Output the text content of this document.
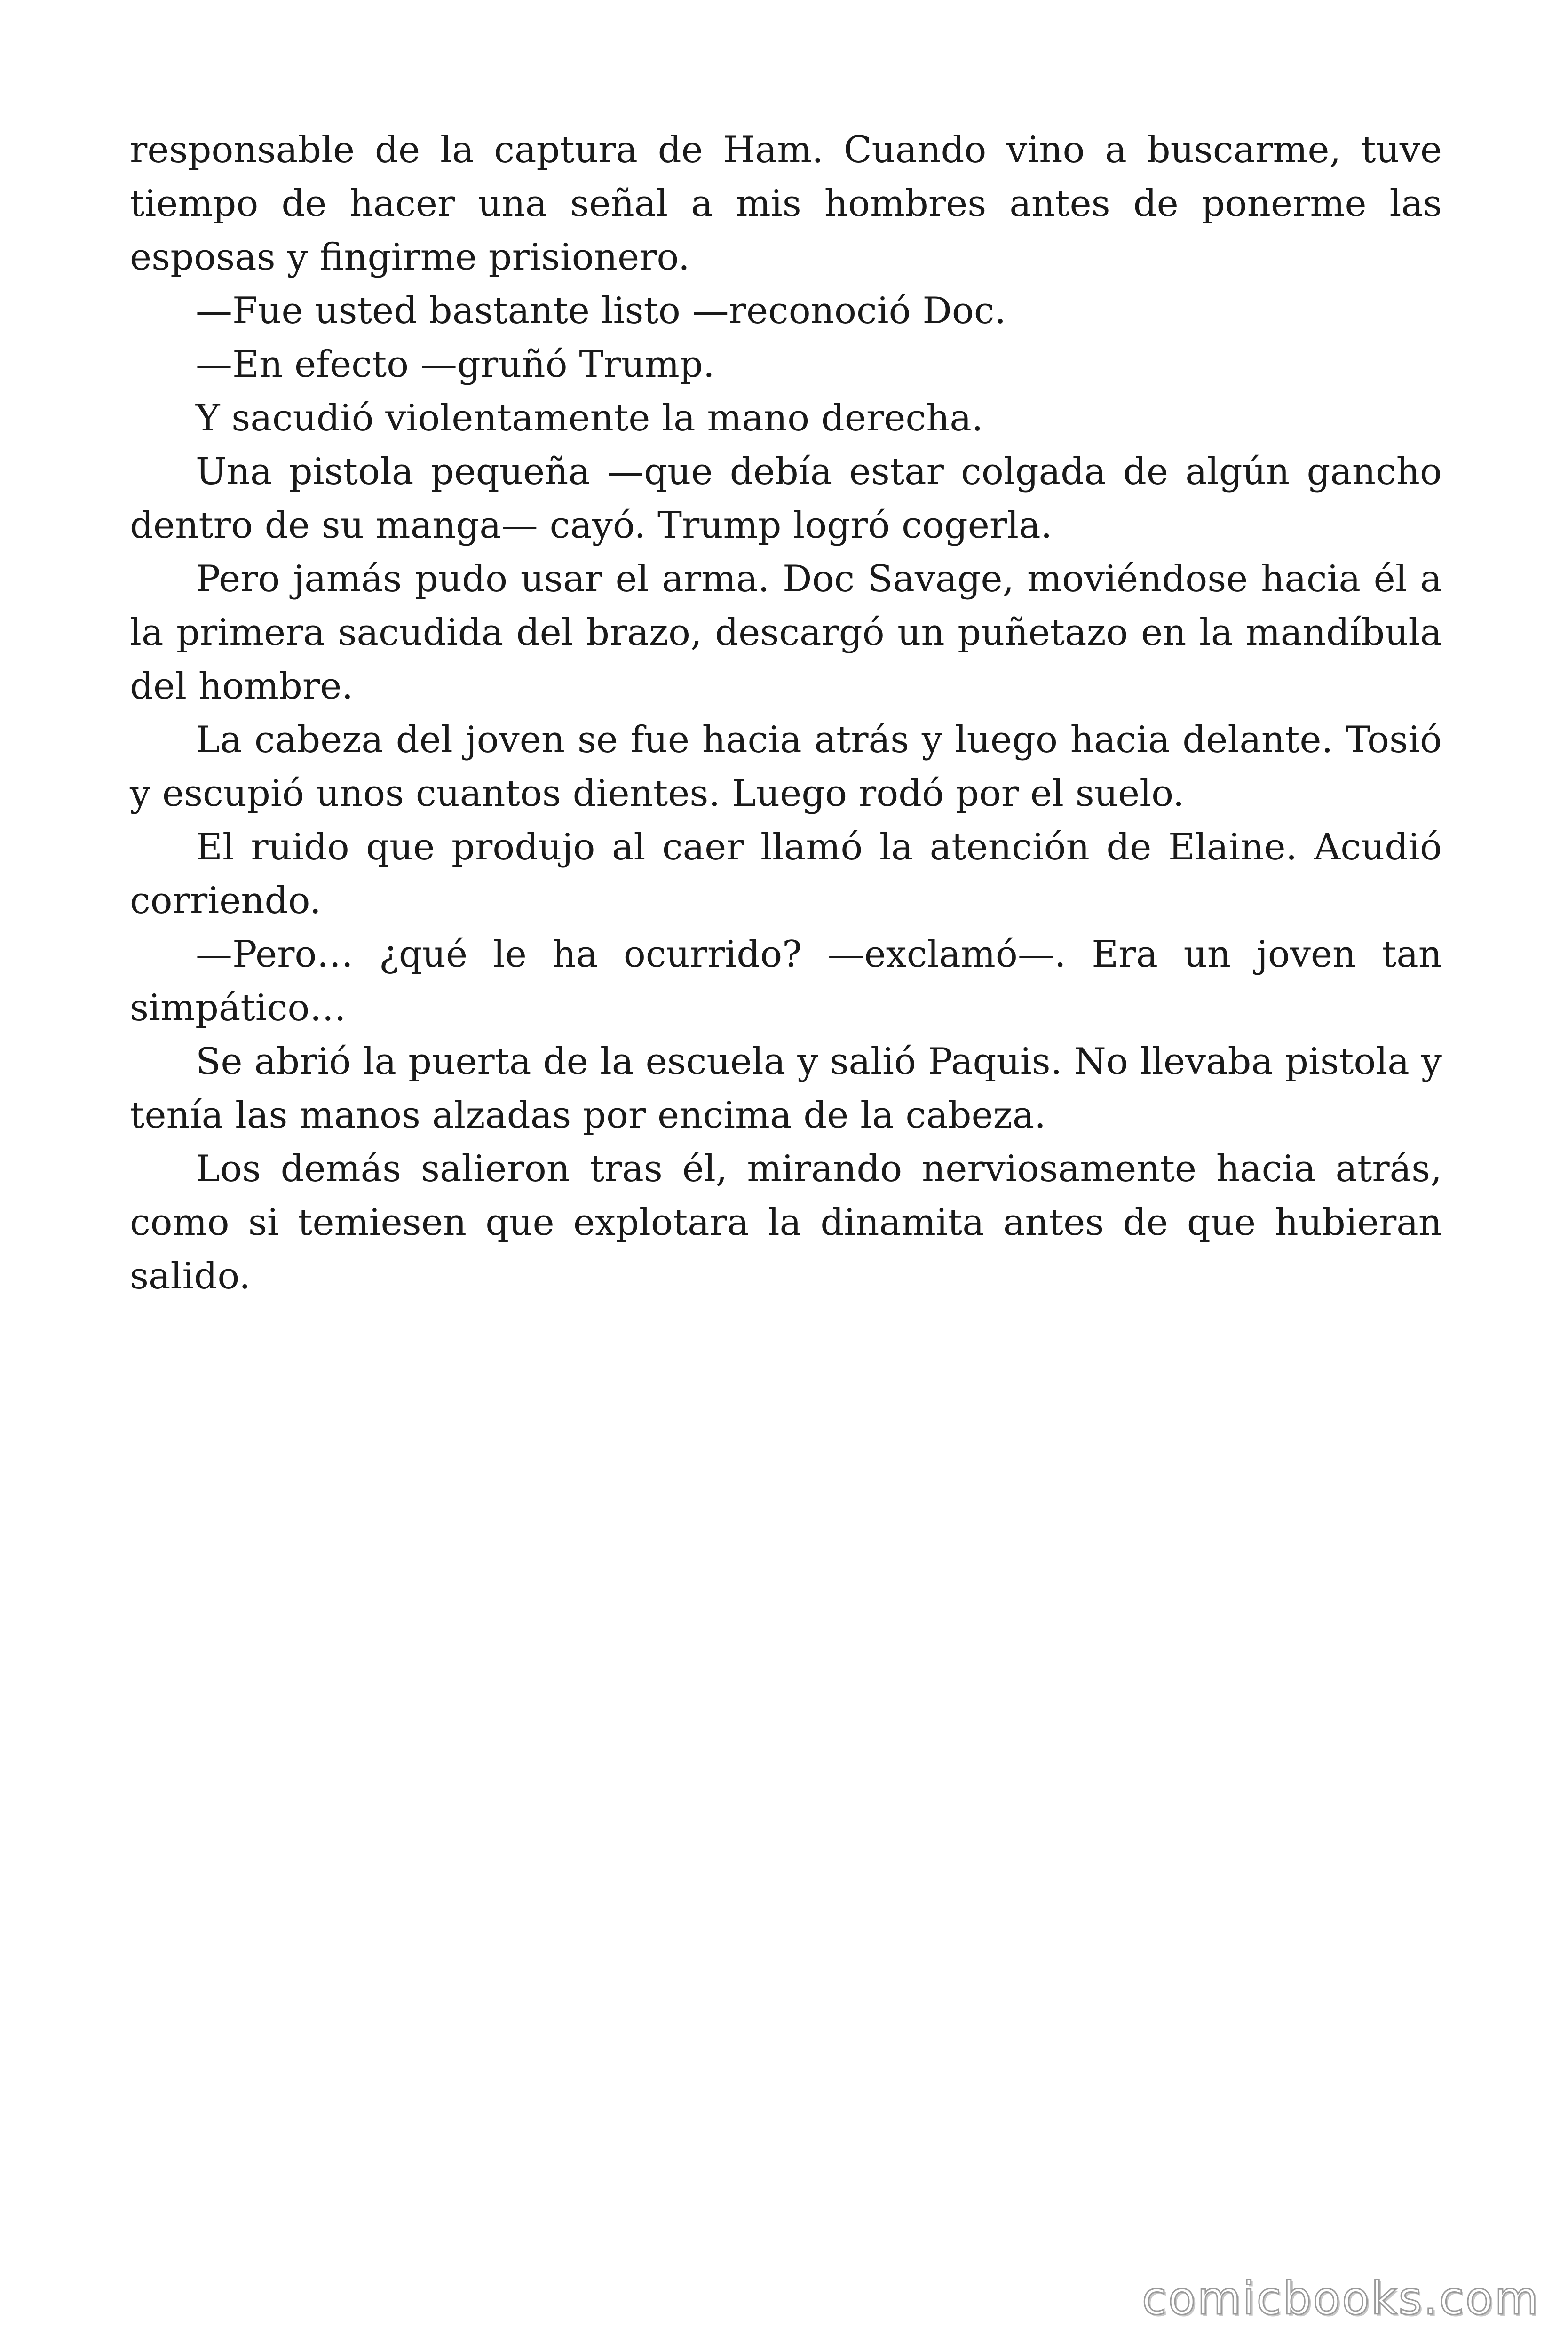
responsable de la captura de Ham. Cuando vino a buscarme, tuve tiempo de hacer una señal a mis hombres antes de ponerme las esposas y fingirme prisionero.

—Fue usted bastante listo —reconoció Doc.

—En efecto —gruñó Trump.

Y sacudió violentamente la mano derecha.

Una pistola pequeña —que debía estar colgada de algún gancho dentro de su manga— cayó. Trump logró cogerla.

Pero jamás pudo usar el arma. Doc Savage, moviéndose hacia él a la primera sacudida del brazo, descargó un puñetazo en la mandíbula del hombre.

La cabeza del joven se fue hacia atrás y luego hacia delante. Tosió y escupió unos cuantos dientes. Luego rodó por el suelo.

El ruido que produjo al caer llamó la atención de Elaine. Acudió corriendo.

—Pero… ¿qué le ha ocurrido? —exclamó—. Era un joven tan simpático…

Se abrió la puerta de la escuela y salió Paquis. No llevaba pistola y tenía las manos alzadas por encima de la cabeza.

Los demás salieron tras él, mirando nerviosamente hacia atrás, como si temiesen que explotara la dinamita antes de que hubieran salido.

comicbooks.com
